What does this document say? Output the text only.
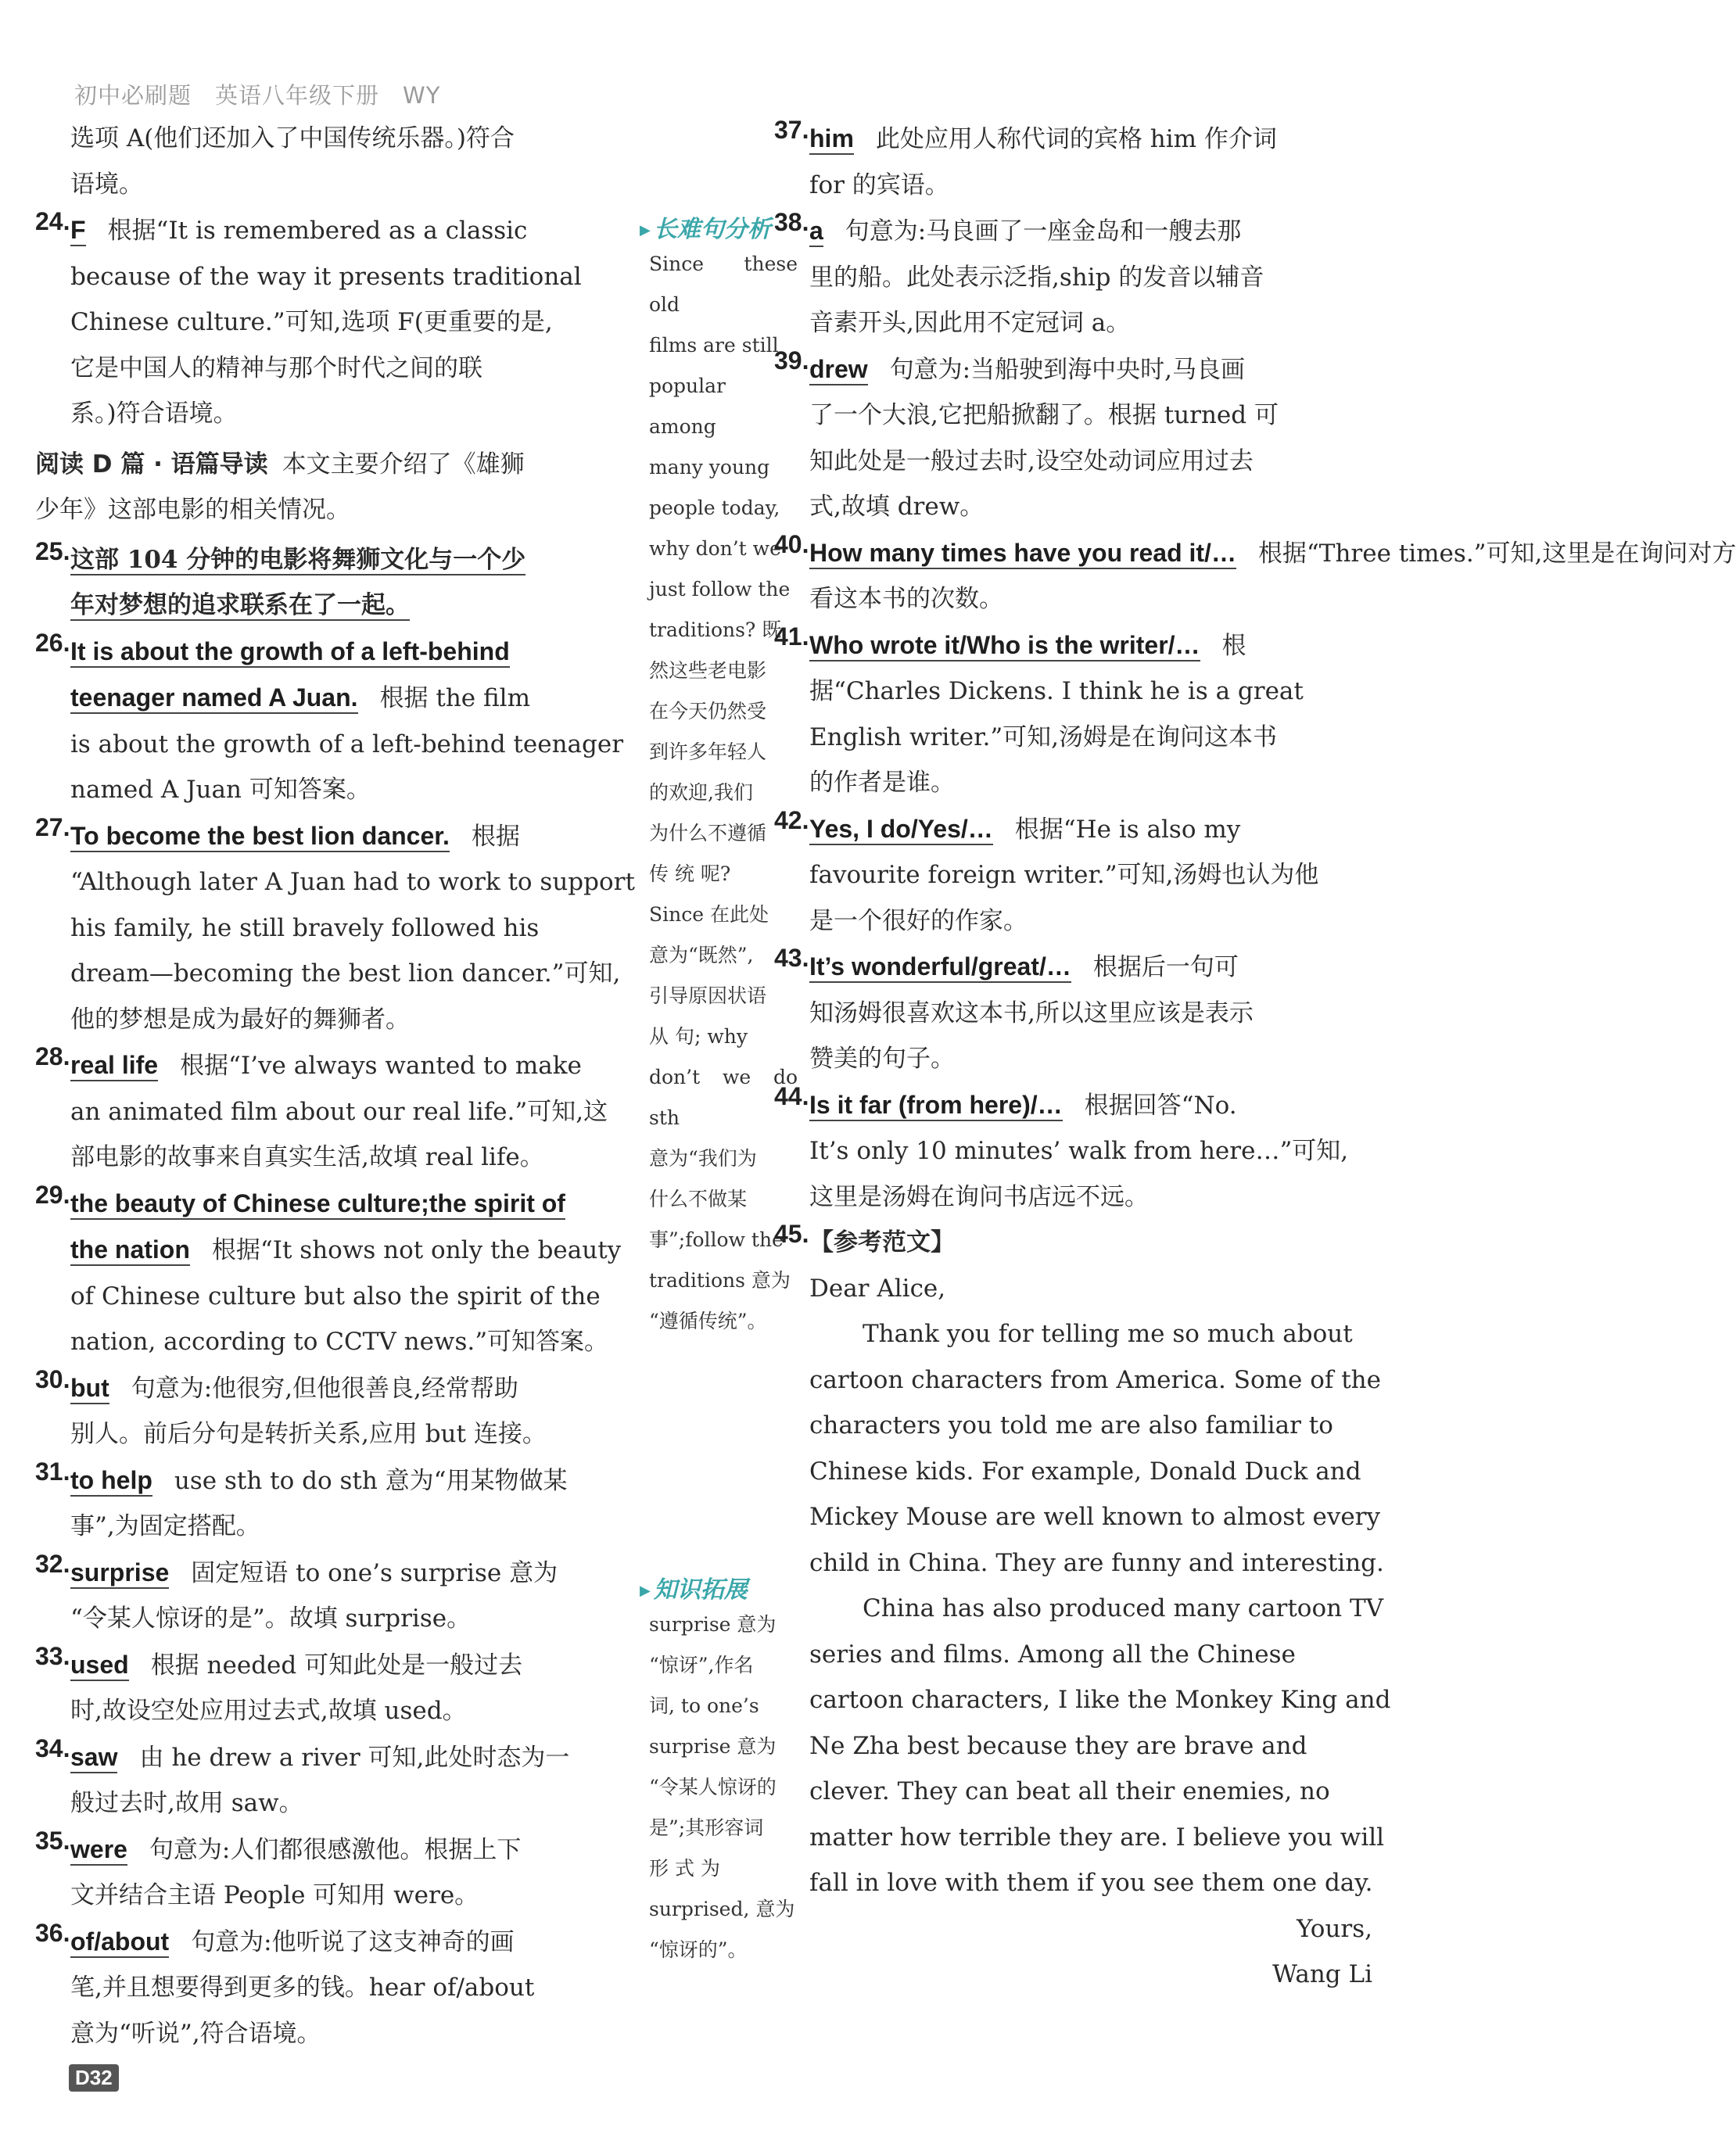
初中必刷题 英语八年级下册 WY
选项 A(他们还加入了中国传统乐器。)符合
语境。
24. F 根据“It is remembered as a classic
because of the way it presents traditional
Chinese culture.”可知,选项 F(更重要的是,
它是中国人的精神与那个时代之间的联
系。)符合语境。
阅读 D 篇 · 语篇导读 本文主要介绍了《雄狮
少年》这部电影的相关情况。
25. 这部 104 分钟的电影将舞狮文化与一个少
年对梦想的追求联系在了一起。
26. It is about the growth of a left-behind
teenager named A Juan. 根据 the film
is about the growth of a left-behind teenager
named A Juan 可知答案。
27. To become the best lion dancer. 根据
“Although later A Juan had to work to support
his family, he still bravely followed his
dream—becoming the best lion dancer.”可知,
他的梦想是成为最好的舞狮者。
28. real life 根据“I’ve always wanted to make
an animated film about our real life.”可知,这
部电影的故事来自真实生活,故填 real life。
29. the beauty of Chinese culture;the spirit of
the nation 根据“It shows not only the beauty
of Chinese culture but also the spirit of the
nation, according to CCTV news.”可知答案。
30. but 句意为:他很穷,但他很善良,经常帮助
别人。前后分句是转折关系,应用 but 连接。
31. to help use sth to do sth 意为“用某物做某
事”,为固定搭配。
32. surprise 固定短语 to one’s surprise 意为
“令某人惊讶的是”。故填 surprise。
33. used 根据 needed 可知此处是一般过去
时,故设空处应用过去式,故填 used。
34. saw 由 he drew a river 可知,此处时态为一
般过去时,故用 saw。
35. were 句意为:人们都很感激他。根据上下
文并结合主语 People 可知用 were。
36. of/about 句意为:他听说了这支神奇的画
笔,并且想要得到更多的钱。hear of/about
意为“听说”,符合语境。
▶ 长难句分析
Since these old
films are still
popular among
many young
people today,
why don’t we
just follow the
traditions? 既
然这些老电影
在今天仍然受
到许多年轻人
的欢迎,我们
为什么不遵循
传 统 呢?
Since 在此处
意为“既然”,
引导原因状语
从 句; why
don’t we do sth
意为“我们为
什么不做某
事”;follow the
traditions 意为
“遵循传统”。
▶ 知识拓展
surprise 意为
“惊讶”,作名
词, to one’s
surprise 意为
“令某人惊讶的
是”;其形容词
形 式 为
surprised, 意为
“惊讶的”。
37. him 此处应用人称代词的宾格 him 作介词
for 的宾语。
38. a 句意为:马良画了一座金岛和一艘去那
里的船。此处表示泛指,ship 的发音以辅音
音素开头,因此用不定冠词 a。
39. drew 句意为:当船驶到海中央时,马良画
了一个大浪,它把船掀翻了。根据 turned 可
知此处是一般过去时,设空处动词应用过去
式,故填 drew。
40. How many times have you read it/… 根据“Three times.”可知,这里是在询问对方
看这本书的次数。
41. Who wrote it/Who is the writer/… 根
据“Charles Dickens. I think he is a great
English writer.”可知,汤姆是在询问这本书
的作者是谁。
42. Yes, I do/Yes/… 根据“He is also my
favourite foreign writer.”可知,汤姆也认为他
是一个很好的作家。
43. It’s wonderful/great/… 根据后一句可
知汤姆很喜欢这本书,所以这里应该是表示
赞美的句子。
44. Is it far (from here)/… 根据回答“No.
It’s only 10 minutes’ walk from here…”可知,
这里是汤姆在询问书店远不远。
45. 【参考范文】
Dear Alice,
Thank you for telling me so much about
cartoon characters from America. Some of the
characters you told me are also familiar to
Chinese kids. For example, Donald Duck and
Mickey Mouse are well known to almost every
child in China. They are funny and interesting.
China has also produced many cartoon TV
series and films. Among all the Chinese
cartoon characters, I like the Monkey King and
Ne Zha best because they are brave and
clever. They can beat all their enemies, no
matter how terrible they are. I believe you will
fall in love with them if you see them one day.
Yours,
Wang Li
D32
